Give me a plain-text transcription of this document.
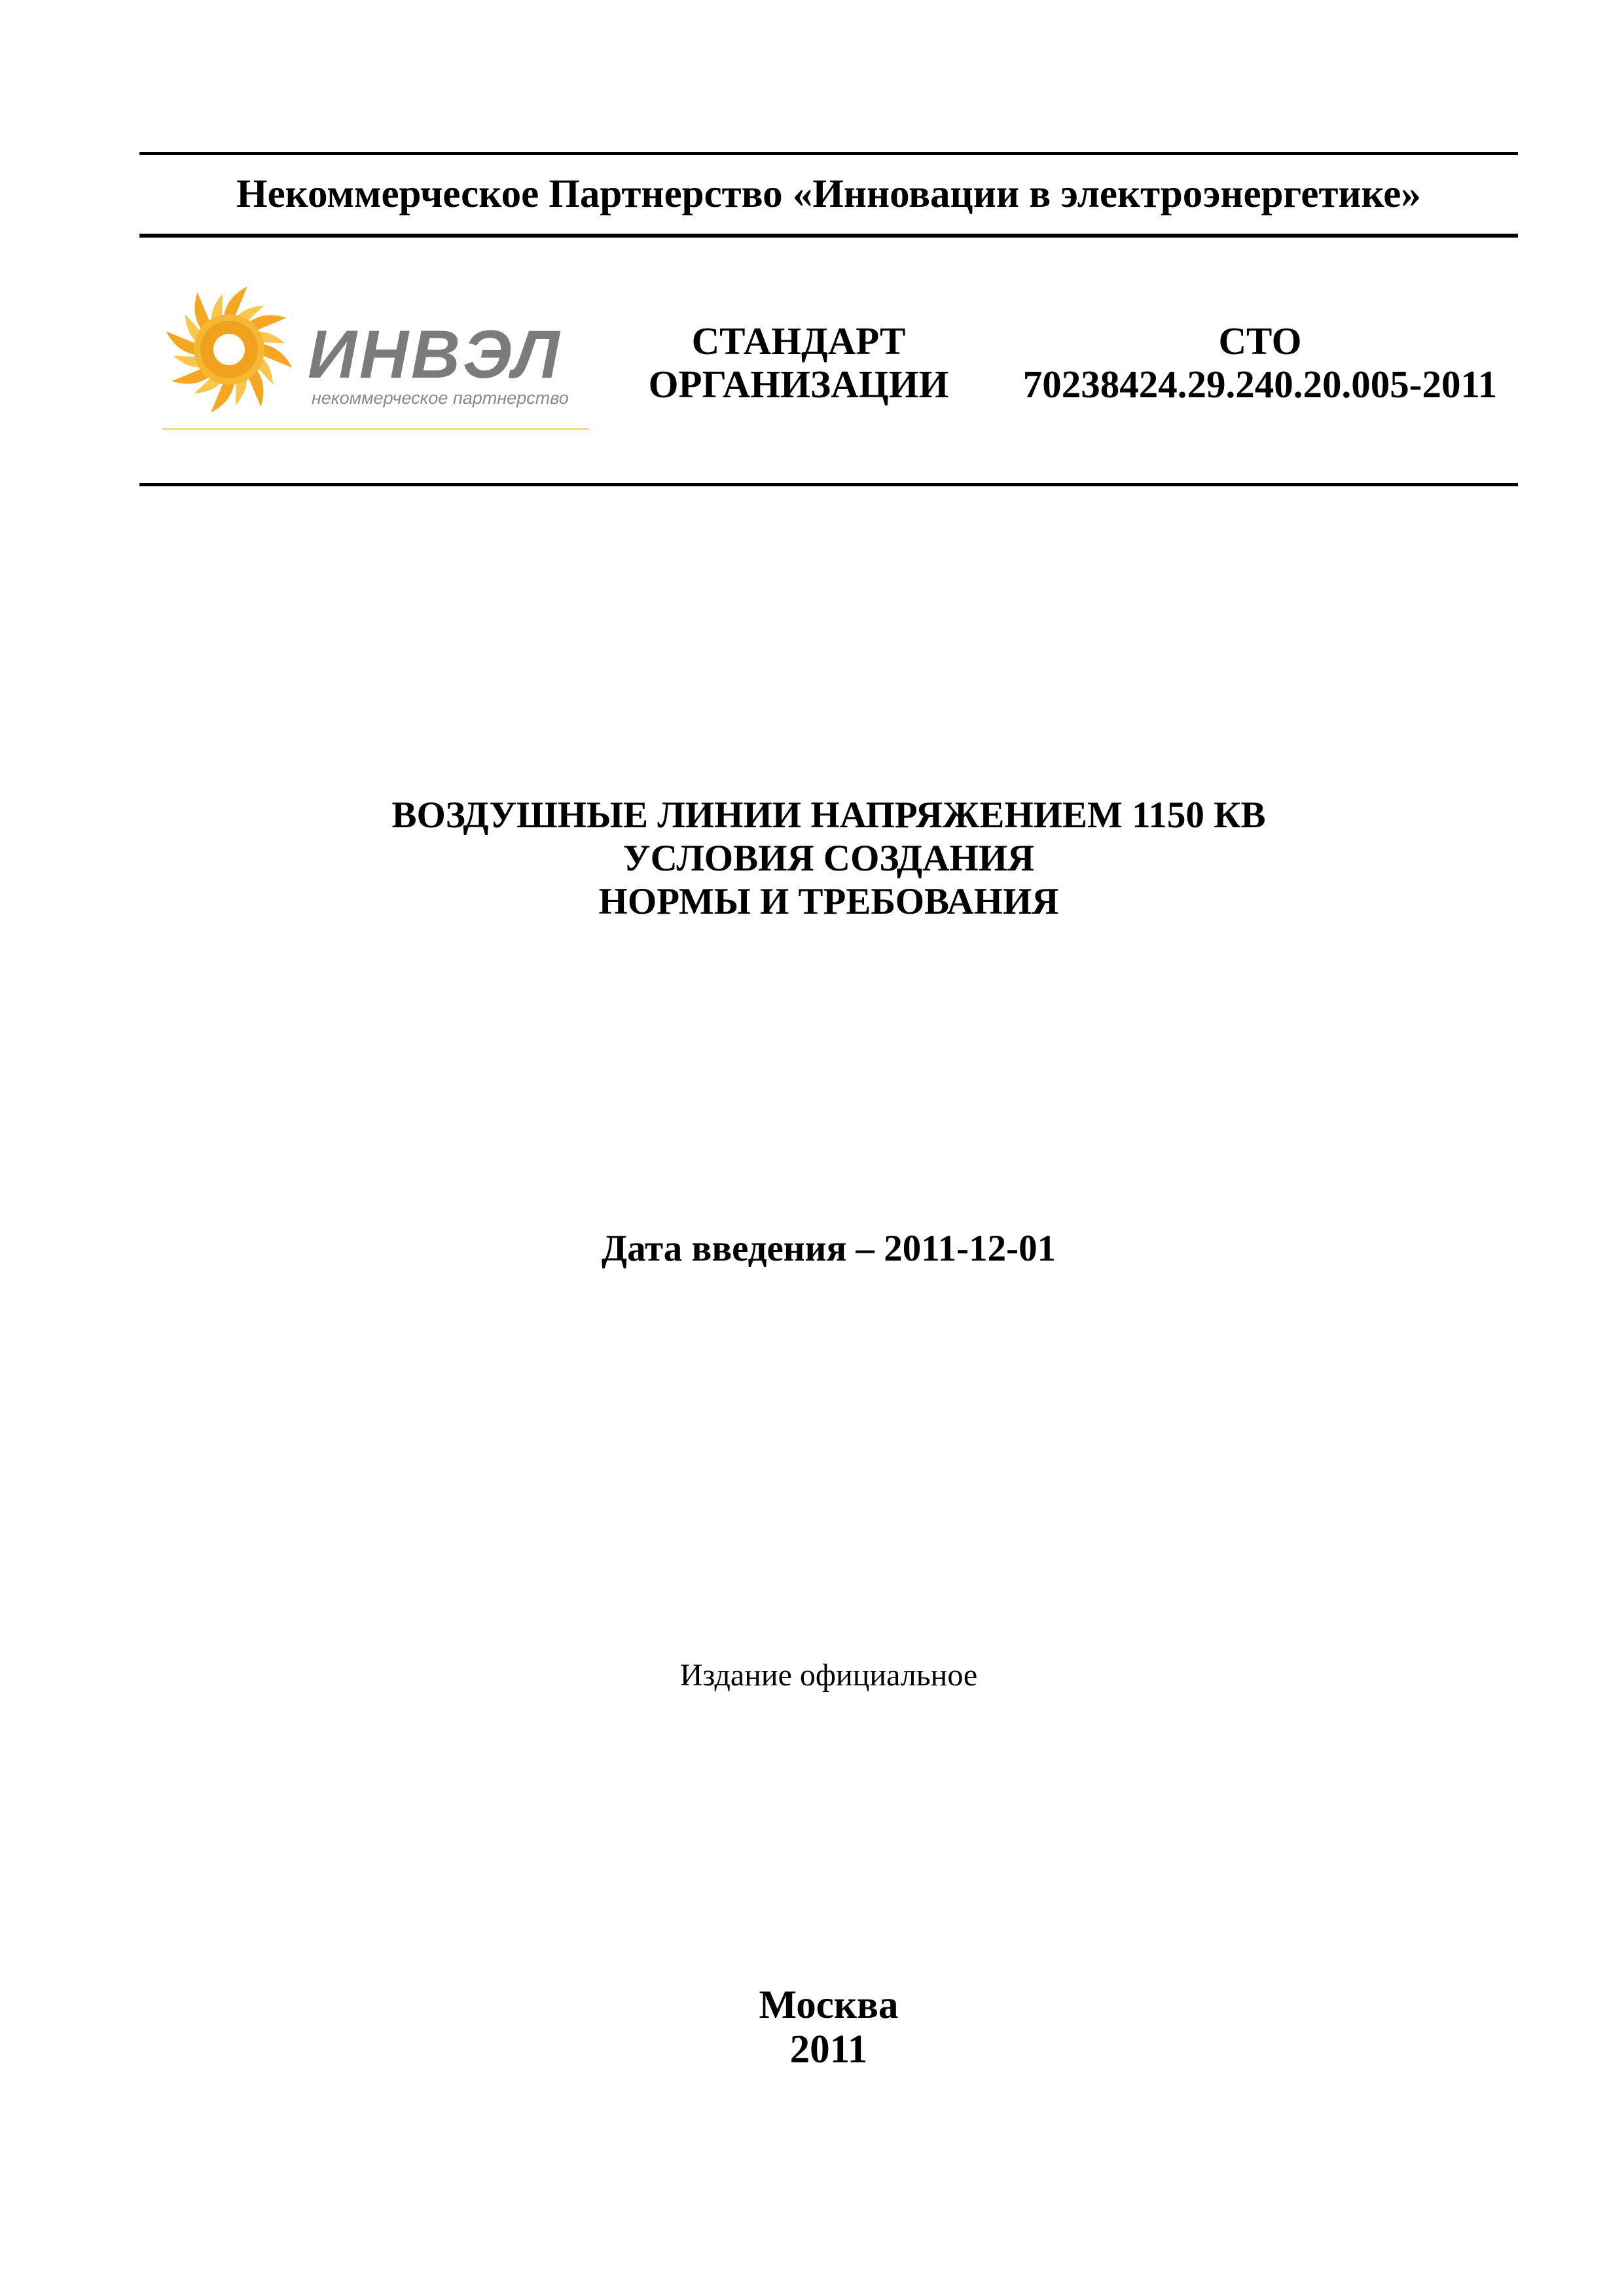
Некоммерческое Партнерство «Инновации в электроэнергетике»
ИНВЭЛ
некоммерческое партнерство
СТАНДАРТ
ОРГАНИЗАЦИИ
СТО
70238424.29.240.20.005-2011
ВОЗДУШНЫЕ ЛИНИИ НАПРЯЖЕНИЕМ 1150 КВ
УСЛОВИЯ СОЗДАНИЯ
НОРМЫ И ТРЕБОВАНИЯ
Дата введения – 2011-12-01
Издание официальное
Москва
2011
